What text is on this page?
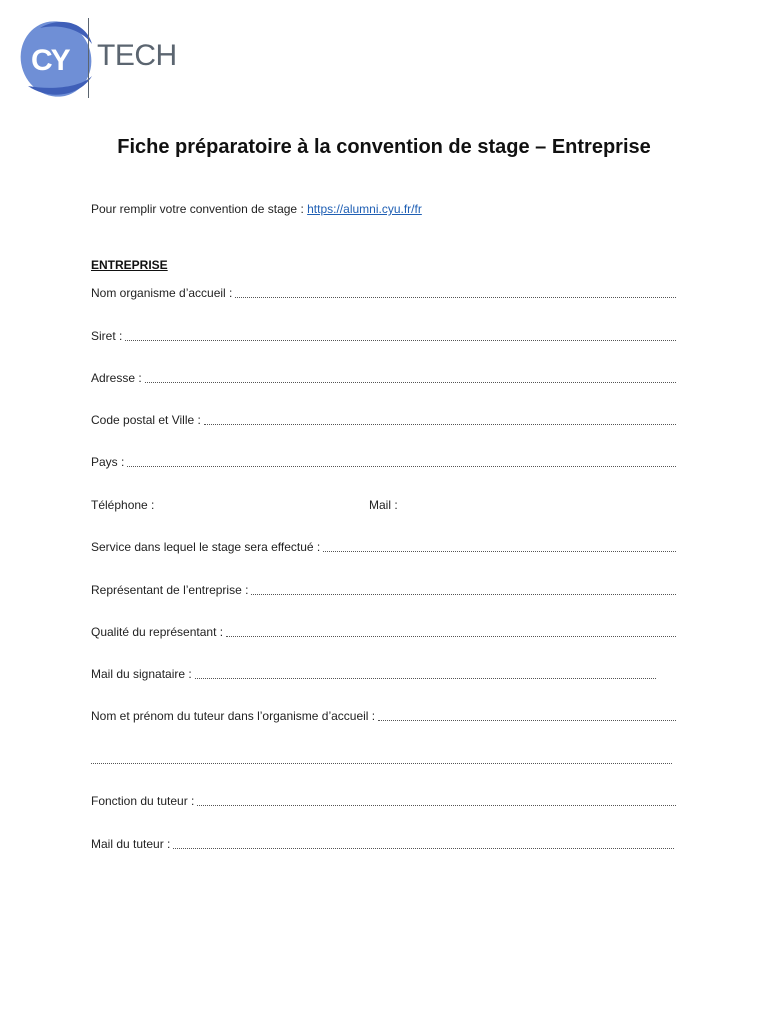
CY TECH
Fiche préparatoire à la convention de stage – Entreprise
Pour remplir votre convention de stage : https://alumni.cyu.fr/fr
ENTREPRISE
Nom organisme d’accueil :
Siret :
Adresse :
Code postal et Ville :
Pays :
Téléphone :	Mail :
Service dans lequel le stage sera effectué :
Représentant de l’entreprise :
Qualité du représentant :
Mail du signataire :
Nom et prénom du tuteur dans l’organisme d’accueil :
Fonction du tuteur :
Mail du tuteur :
